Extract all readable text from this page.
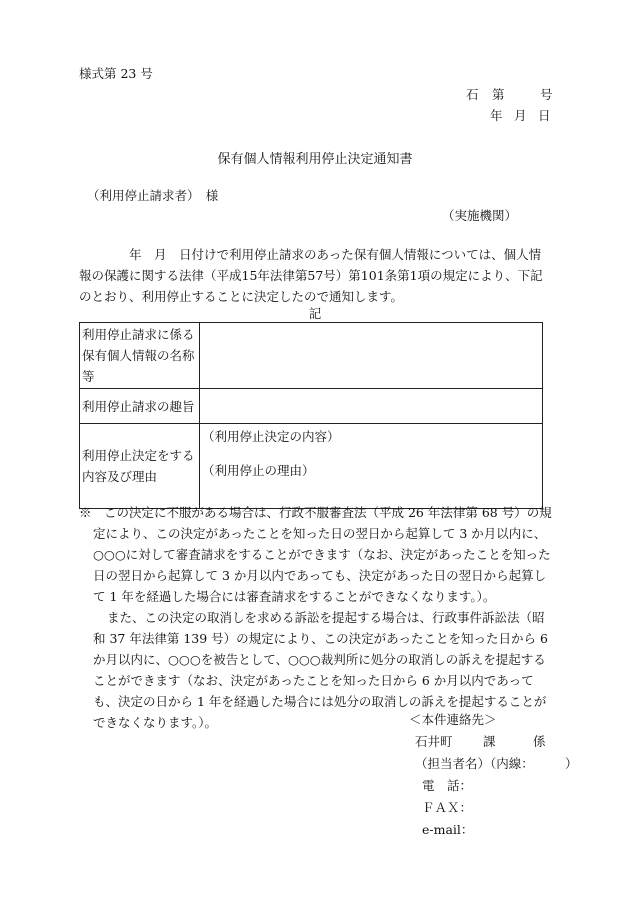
様式第 23 号
石 第	号
年 月 日
保有個人情報利用停止決定通知書
（利用停止請求者）　様
（実施機関）

　　　　年　月　日付けで利用停止請求のあった保有個人情報については、個人情報の保護に関する法律（平成15年法律第57号）第101条第1項の規定により、下記のとおり、利用停止することに決定したので通知します。

記
利用停止請求に係る保有個人情報の名称等	
利用停止請求の趣旨	
利用停止決定をする内容及び理由	（利用停止決定の内容）
（利用停止の理由）

※　この決定に不服がある場合は、行政不服審査法（平成 26 年法律第 68 号）の規定により、この決定があったことを知った日の翌日から起算して 3 か月以内に、○○○に対して審査請求をすることができます（なお、決定があったことを知った日の翌日から起算して 3 か月以内であっても、決定があった日の翌日から起算して 1 年を経過した場合には審査請求をすることができなくなります。）。

また、この決定の取消しを求める訴訟を提起する場合は、行政事件訴訟法（昭和 37 年法律第 139 号）の規定により、この決定があったことを知った日から 6 か月以内に、○○○を被告として、○○○裁判所に処分の取消しの訴えを提起することができます（なお、決定があったことを知った日から 6 か月以内であっても、決定の日から 1 年を経過した場合には処分の取消しの訴えを提起することができなくなります。）。	＜本件連絡先＞
石井町 課	係
（担当者名）（内線：　　　）
電　話：
ＦＡＸ：
e-mail：
